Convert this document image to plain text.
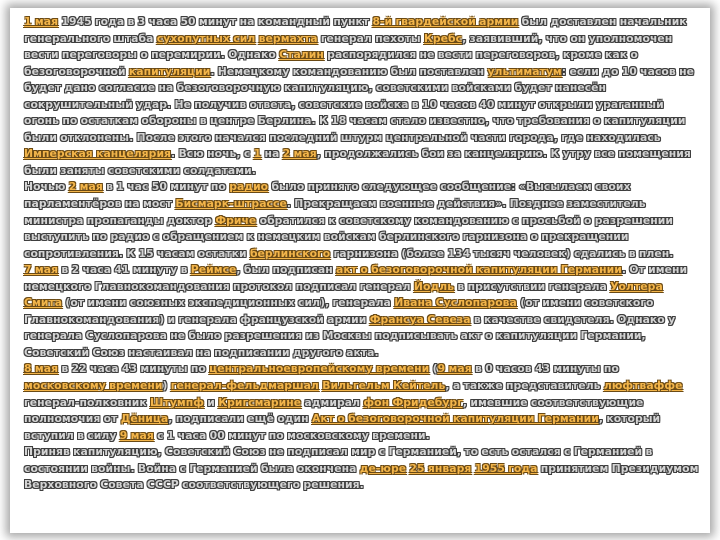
1 мая 1945 года в 3 часа 50 минут на командный пункт 8-й гвардейской армии был доставлен начальник генерального штаба сухопутных сил вермахта генерал пехоты Кребс, заявивший, что он уполномочен вести переговоры о перемирии. Однако Сталин распорядился не вести переговоров, кроме как о безоговорочной капитуляции. Немецкому командованию был поставлен ультиматум: если до 10 часов не будет дано согласие на безоговорочную капитуляцию, советскими войсками будет нанесён сокрушительный удар. Не получив ответа, советские войска в 10 часов 40 минут открыли ураганный огонь по остаткам обороны в центре Берлина. К 18 часам стало известно, что требования о капитуляции были отклонены. После этого начался последний штурм центральной части города, где находилась Имперская канцелярия. Всю ночь, с 1 на 2 мая, продолжались бои за канцелярию. К утру все помещения были заняты советскими солдатами.

Ночью 2 мая в 1 час 50 минут по радио было принято следующее сообщение: «Высылаем своих парламентёров на мост Бисмарк-штрассе. Прекращаем военные действия». Позднее заместитель министра пропаганды доктор Фриче обратился к советскому командованию с просьбой о разрешении выступить по радио с обращением к немецким войскам берлинского гарнизона о прекращении сопротивления. К 15 часам остатки берлинского гарнизона (более 134 тысяч человек) сдались в плен.

7 мая в 2 часа 41 минуту в Реймсе, был подписан акт о безоговорочной капитуляции Германии. От имени немецкого Главнокомандования протокол подписал генерал Йодль в присутствии генерала Уолтера Смита (от имени союзных экспедиционных сил), генерала Ивана Суслопарова (от имени советского Главнокомандования) и генерала французской армии Франсуа Севеза в качестве свидетеля. Однако у генерала Суслопарова не было разрешения из Москвы подписывать акт о капитуляции Германии, Советский Союз настаивал на подписании другого акта.

8 мая в 22 часа 43 минуты по центральноевропейскому времени (9 мая в 0 часов 43 минуты по московскому времени) генерал-фельдмаршал Вильгельм Кейтель, а также представитель люфтваффе генерал-полковник Штумпф и Кригсмарине адмирал фон Фридебург, имевшие соответствующие полномочия от Дёница, подписали ещё один Акт о безоговорочной капитуляции Германии, который вступил в силу 9 мая с 1 часа 00 минут по московскому времени.

Приняв капитуляцию, Советский Союз не подписал мир с Германией, то есть остался с Германией в состоянии войны. Война с Германией была окончена де-юре 25 января 1955 года принятием Президиумом Верховного Совета СССР соответствующего решения.
